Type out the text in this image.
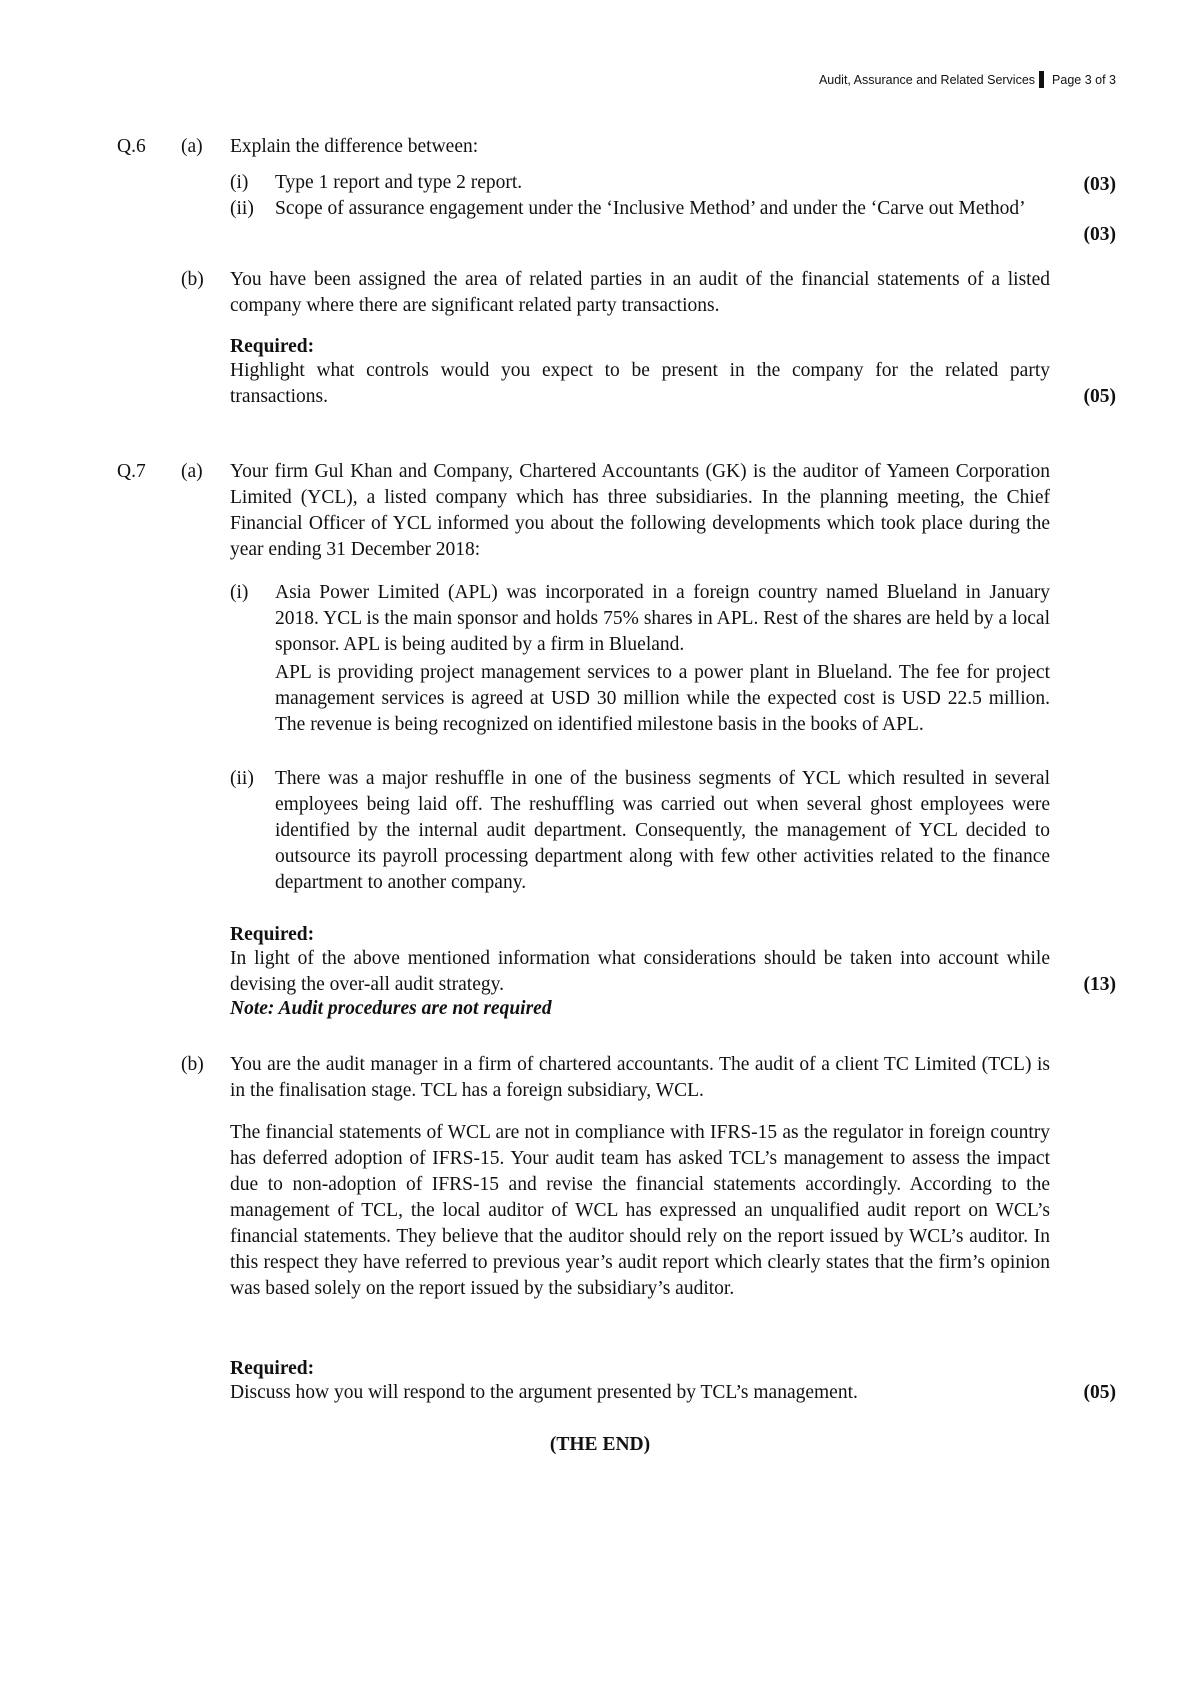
Audit, Assurance and Related Services Page 3 of 3
Q.6 (a) Explain the difference between:
(i) Type 1 report and type 2 report.	(03)
(ii) Scope of assurance engagement under the ‘Inclusive Method’ and under the ‘Carve out Method’
(03)
(b) You have been assigned the area of related parties in an audit of the financial statements of a listed company where there are significant related party transactions.
Required:
Highlight what controls would you expect to be present in the company for the related party transactions.	(05)
Q.7 (a) Your firm Gul Khan and Company, Chartered Accountants (GK) is the auditor of Yameen Corporation Limited (YCL), a listed company which has three subsidiaries. In the planning meeting, the Chief Financial Officer of YCL informed you about the following developments which took place during the year ending 31 December 2018:
(i) Asia Power Limited (APL) was incorporated in a foreign country named Blueland in January 2018. YCL is the main sponsor and holds 75% shares in APL. Rest of the shares are held by a local sponsor. APL is being audited by a firm in Blueland.
APL is providing project management services to a power plant in Blueland. The fee for project management services is agreed at USD 30 million while the expected cost is USD 22.5 million. The revenue is being recognized on identified milestone basis in the books of APL.
(ii) There was a major reshuffle in one of the business segments of YCL which resulted in several employees being laid off. The reshuffling was carried out when several ghost employees were identified by the internal audit department. Consequently, the management of YCL decided to outsource its payroll processing department along with few other activities related to the finance department to another company.
Required:
In light of the above mentioned information what considerations should be taken into account while devising the over-all audit strategy.	(13)
Note: Audit procedures are not required
(b) You are the audit manager in a firm of chartered accountants. The audit of a client TC Limited (TCL) is in the finalisation stage. TCL has a foreign subsidiary, WCL.
The financial statements of WCL are not in compliance with IFRS-15 as the regulator in foreign country has deferred adoption of IFRS-15. Your audit team has asked TCL’s management to assess the impact due to non-adoption of IFRS-15 and revise the financial statements accordingly. According to the management of TCL, the local auditor of WCL has expressed an unqualified audit report on WCL’s financial statements. They believe that the auditor should rely on the report issued by WCL’s auditor. In this respect they have referred to previous year’s audit report which clearly states that the firm’s opinion was based solely on the report issued by the subsidiary’s auditor.
Required:
Discuss how you will respond to the argument presented by TCL’s management.	(05)
(THE END)
